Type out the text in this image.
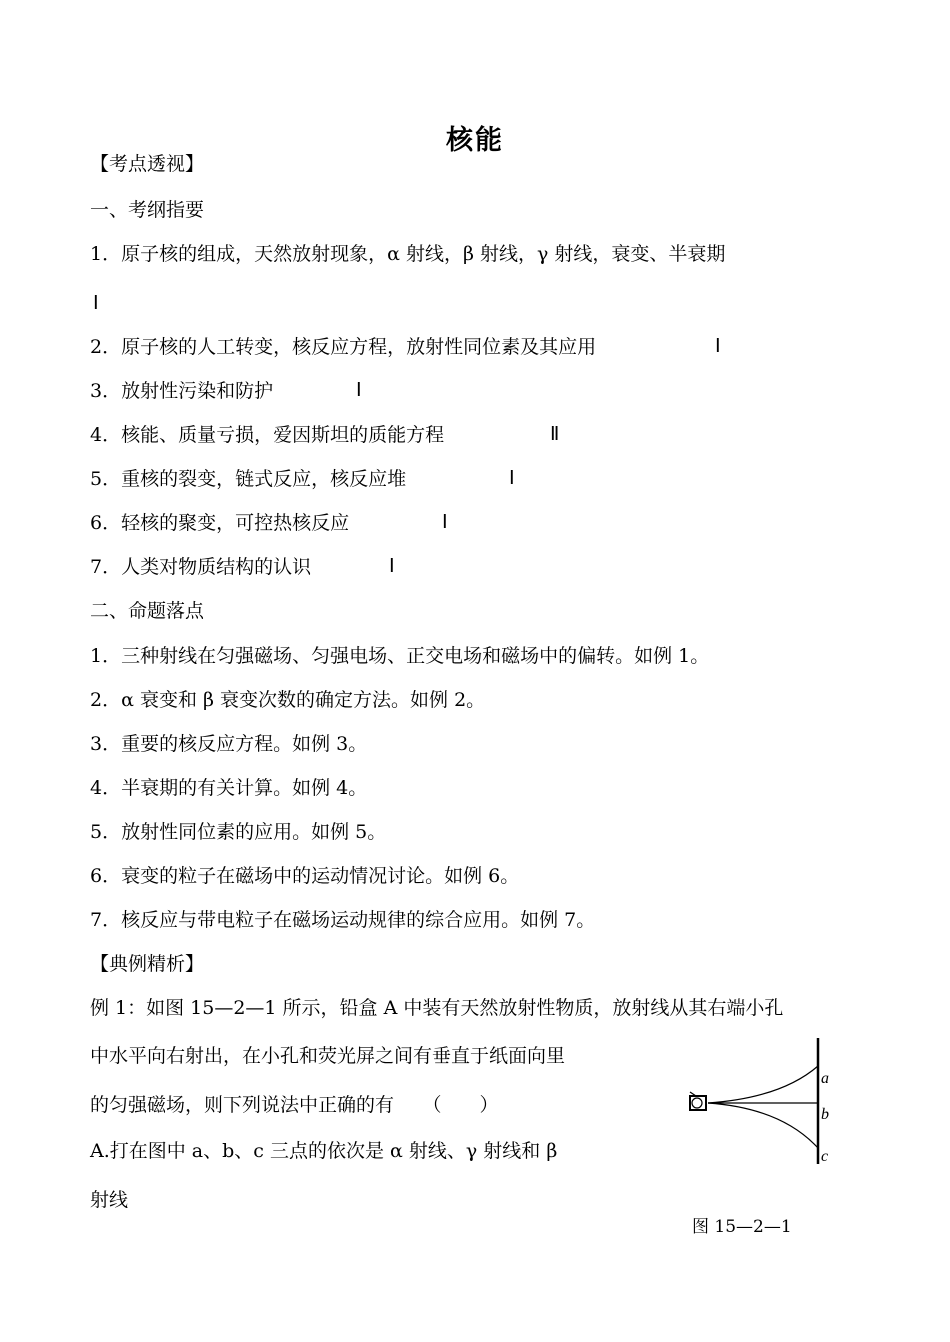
核能
【考点透视】
一、考纲指要
1．原子核的组成，天然放射现象，α 射线，β 射线，γ 射线，衰变、半衰期
Ⅰ
2．原子核的人工转变，核反应方程，放射性同位素及其应用	Ⅰ
3．放射性污染和防护	Ⅰ
4．核能、质量亏损，爱因斯坦的质能方程	Ⅱ
5．重核的裂变，链式反应，核反应堆	Ⅰ
6．轻核的聚变，可控热核反应	Ⅰ
7．人类对物质结构的认识	Ⅰ
二、命题落点
1．三种射线在匀强磁场、匀强电场、正交电场和磁场中的偏转。如例 1。
2．α 衰变和 β 衰变次数的确定方法。如例 2。
3．重要的核反应方程。如例 3。
4．半衰期的有关计算。如例 4。
5．放射性同位素的应用。如例 5。
6．衰变的粒子在磁场中的运动情况讨论。如例 6。
7．核反应与带电粒子在磁场运动规律的综合应用。如例 7。
【典例精析】
例 1：如图 15—2—1 所示，铅盒 A 中装有天然放射性物质，放射线从其右端小孔
中水平向右射出，在小孔和荧光屏之间有垂直于纸面向里
的匀强磁场，则下列说法中正确的有　　（　　）
A.打在图中 a、b、c 三点的依次是 α 射线、γ 射线和 β
射线
a
b
c
图 15—2—1
